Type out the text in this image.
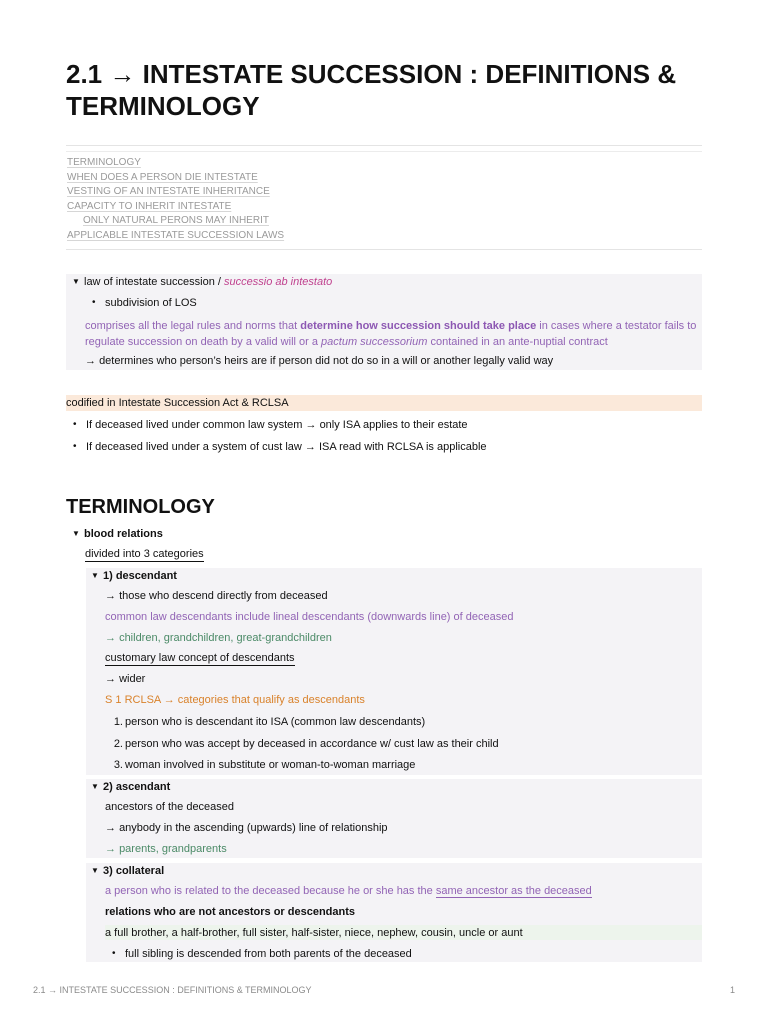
2.1 → INTESTATE SUCCESSION : DEFINITIONS & TERMINOLOGY
TERMINOLOGY
WHEN DOES A PERSON DIE INTESTATE
VESTING OF AN INTESTATE INHERITANCE
CAPACITY TO INHERIT INTESTATE
ONLY NATURAL PERONS MAY INHERIT
APPLICABLE INTESTATE SUCCESSION LAWS
▼ law of intestate succession / successio ab intestato
• subdivision of LOS
comprises all the legal rules and norms that determine how succession should take place in cases where a testator fails to regulate succession on death by a valid will or a pactum successorium contained in an ante-nuptial contract
→ determines who person’s heirs are if person did not do so in a will or another legally valid way
codified in Intestate Succession Act & RCLSA
• If deceased lived under common law system → only ISA applies to their estate
• If deceased lived under a system of cust law → ISA read with RCLSA is applicable
TERMINOLOGY
▼ blood relations
divided into 3 categories
▼ 1) descendant
→ those who descend directly from deceased
common law descendants include lineal descendants (downwards line) of deceased
→ children, grandchildren, great-grandchildren
customary law concept of descendants
→ wider
S 1 RCLSA → categories that qualify as descendants
1. person who is descendant ito ISA (common law descendants)
2. person who was accept by deceased in accordance w/ cust law as their child
3. woman involved in substitute or woman-to-woman marriage
▼ 2) ascendant
ancestors of the deceased
→ anybody in the ascending (upwards) line of relationship
→ parents, grandparents
▼ 3) collateral
a person who is related to the deceased because he or she has the same ancestor as the deceased
relations who are not ancestors or descendants
a full brother, a half-brother, full sister, half-sister, niece, nephew, cousin, uncle or aunt
• full sibling is descended from both parents of the deceased
2.1 → INTESTATE SUCCESSION : DEFINITIONS & TERMINOLOGY	1
